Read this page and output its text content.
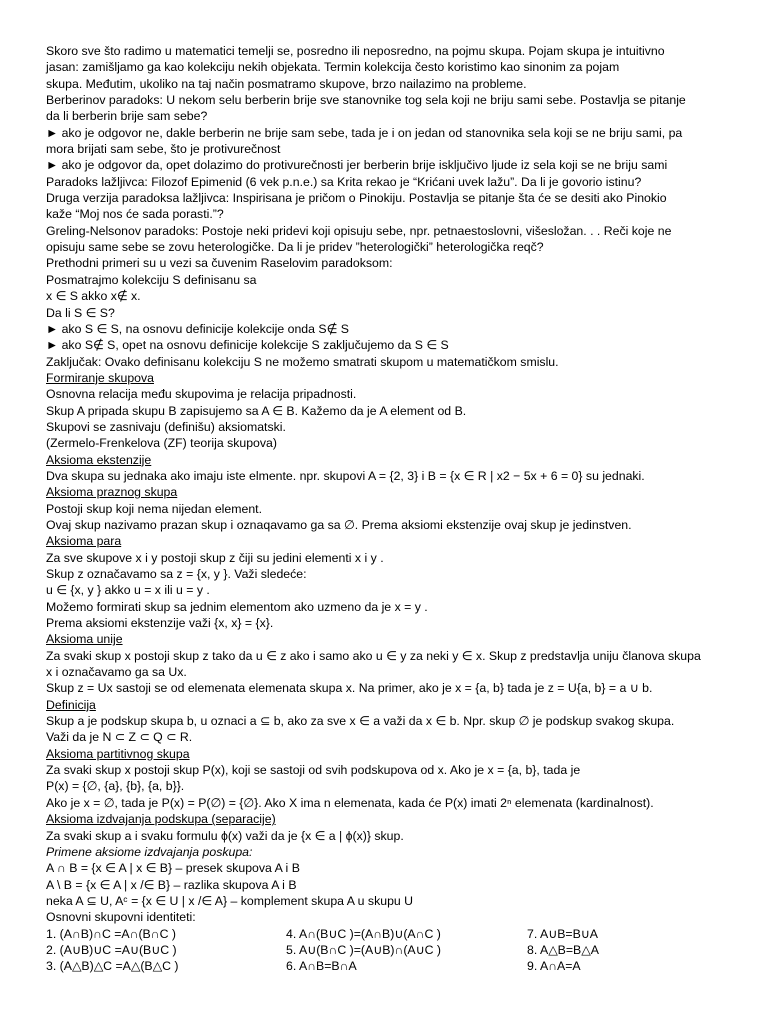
Skoro sve što radimo u matematici temelji se, posredno ili neposredno, na pojmu skupa. Pojam skupa je intuitivno
jasan: zamišljamo ga kao kolekciju nekih objekata. Termin kolekcija često koristimo kao sinonim za pojam
skupa. Međutim, ukoliko na taj način posmatramo skupove, brzo nailazimo na probleme.
Berberinov paradoks: U nekom selu berberin brije sve stanovnike tog sela koji ne briju sami sebe. Postavlja se pitanje
da li berberin brije sam sebe?
► ako je odgovor ne, dakle berberin ne brije sam sebe, tada je i on jedan od stanovnika sela koji se ne briju sami, pa
mora brijati sam sebe, što je protivurečnost
► ako je odgovor da, opet dolazimo do protivurečnosti jer berberin brije isključivo ljude iz sela koji se ne briju sami
Paradoks lažljivca: Filozof Epimenid (6 vek p.n.e.) sa Krita rekao je “Krićani uvek lažu”. Da li je govorio istinu?
Druga verzija paradoksa lažljivca: Inspirisana je pričom o Pinokiju. Postavlja se pitanje šta će se desiti ako Pinokio
kaže “Moj nos će sada porasti.”?
Greling-Nelsonov paradoks: Postoje neki pridevi koji opisuju sebe, npr. petnaestoslovni, višesložan. . . Reči koje ne
opisuju same sebe se zovu heterologičke. Da li je pridev ”heterologički” heterologička reqč?
Prethodni primeri su u vezi sa čuvenim Raselovim paradoksom:
Posmatrajmo kolekciju S definisanu sa
x ∈ S akko x∉ x.
Da li S ∈ S?
► ako S ∈ S, na osnovu definicije kolekcije onda S∉ S
► ako S∉ S, opet na osnovu definicije kolekcije S zaključujemo da S ∈ S
Zaključak: Ovako definisanu kolekciju S ne možemo smatrati skupom u matematičkom smislu.
Formiranje skupova
Osnovna relacija među skupovima je relacija pripadnosti.
Skup A pripada skupu B zapisujemo sa A ∈ B. Kažemo da je A element od B.
Skupovi se zasnivaju (definišu) aksiomatski.
(Zermelo-Frenkelova (ZF) teorija skupova)
Aksioma ekstenzije
Dva skupa su jednaka ako imaju iste elmente. npr. skupovi A = {2, 3} i B = {x ∈ R | x2 − 5x + 6 = 0} su jednaki.
Aksioma praznog skupa
Postoji skup koji nema nijedan element.
Ovaj skup nazivamo prazan skup i oznaqavamo ga sa ∅. Prema aksiomi ekstenzije ovaj skup je jedinstven.
Aksioma para
Za sve skupove x i y postoji skup z čiji su jedini elementi x i y .
Skup z označavamo sa z = {x, y }. Važi sledeće:
u ∈ {x, y } akko u = x ili u = y .
Možemo formirati skup sa jednim elementom ako uzmeno da je x = y .
Prema aksiomi ekstenzije važi {x, x} = {x}.
Aksioma unije
Za svaki skup x postoji skup z tako da u ∈ z ako i samo ako u ∈ y za neki y ∈ x. Skup z predstavlja uniju članova skupa
x i označavamo ga sa Ux.
Skup z = Ux sastoji se od elemenata elemenata skupa x. Na primer, ako je x = {a, b} tada je z = U{a, b} = a ∪ b.
Definicija
Skup a je podskup skupa b, u oznaci a ⊆ b, ako za sve x ∈ a važi da x ∈ b. Npr. skup ∅ je podskup svakog skupa.
Važi da je N ⊂ Z ⊂ Q ⊂ R.
Aksioma partitivnog skupa
Za svaki skup x postoji skup P(x), koji se sastoji od svih podskupova od x. Ako je x = {a, b}, tada je
P(x) = {∅, {a}, {b}, {a, b}}.
Ako je x = ∅, tada je P(x) = P(∅) = {∅}. Ako X ima n elemenata, kada će P(x) imati 2ⁿ elemenata (kardinalnost).
Aksioma izdvajanja podskupa (separacije)
Za svaki skup a i svaku formulu ϕ(x) važi da je {x ∈ a | ϕ(x)} skup.
Primene aksiome izdvajanja poskupa:
A ∩ B = {x ∈ A | x ∈ B} – presek skupova A i B
A \ B = {x ∈ A | x /∈ B} – razlika skupova A i B
neka A ⊆ U, Aᶜ = {x ∈ U | x /∈ A} – komplement skupa A u skupu U
Osnovni skupovni identiteti:
1. (A∩B)∩C =A∩(B∩C )	4. A∩(B∪C )=(A∩B)∪(A∩C )	7. A∪B=B∪A
2. (A∪B)∪C =A∪(B∪C )	5. A∪(B∩C )=(A∪B)∩(A∪C )	8. A△B=B△A
3. (A△B)△C =A△(B△C )	6. A∩B=B∩A	9. A∩A=A
